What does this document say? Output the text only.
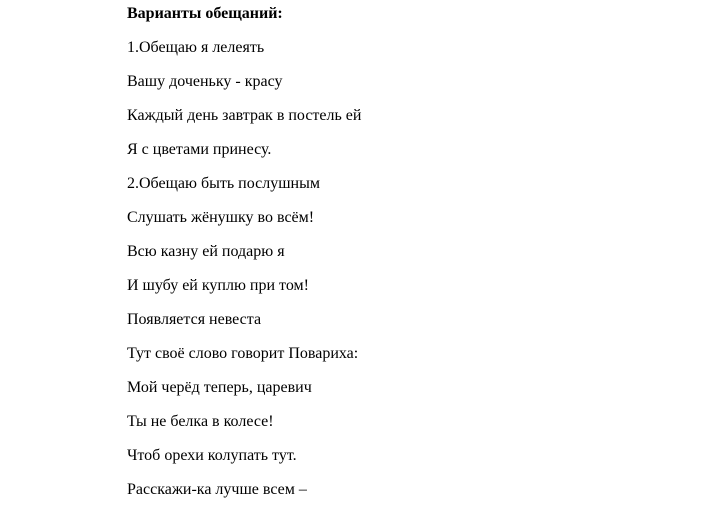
Варианты обещаний:
1.Обещаю я лелеять
Вашу доченьку - красу
Каждый день завтрак в постель ей
Я с цветами принесу.
2.Обещаю быть послушным
Слушать жёнушку во всём!
Всю казну ей подарю я
И шубу ей куплю при том!
Появляется невеста
Тут своё слово говорит Повариха:
Мой черёд теперь, царевич
Ты не белка в колесе!
Чтоб орехи колупать тут.
Расскажи-ка лучше всем –
